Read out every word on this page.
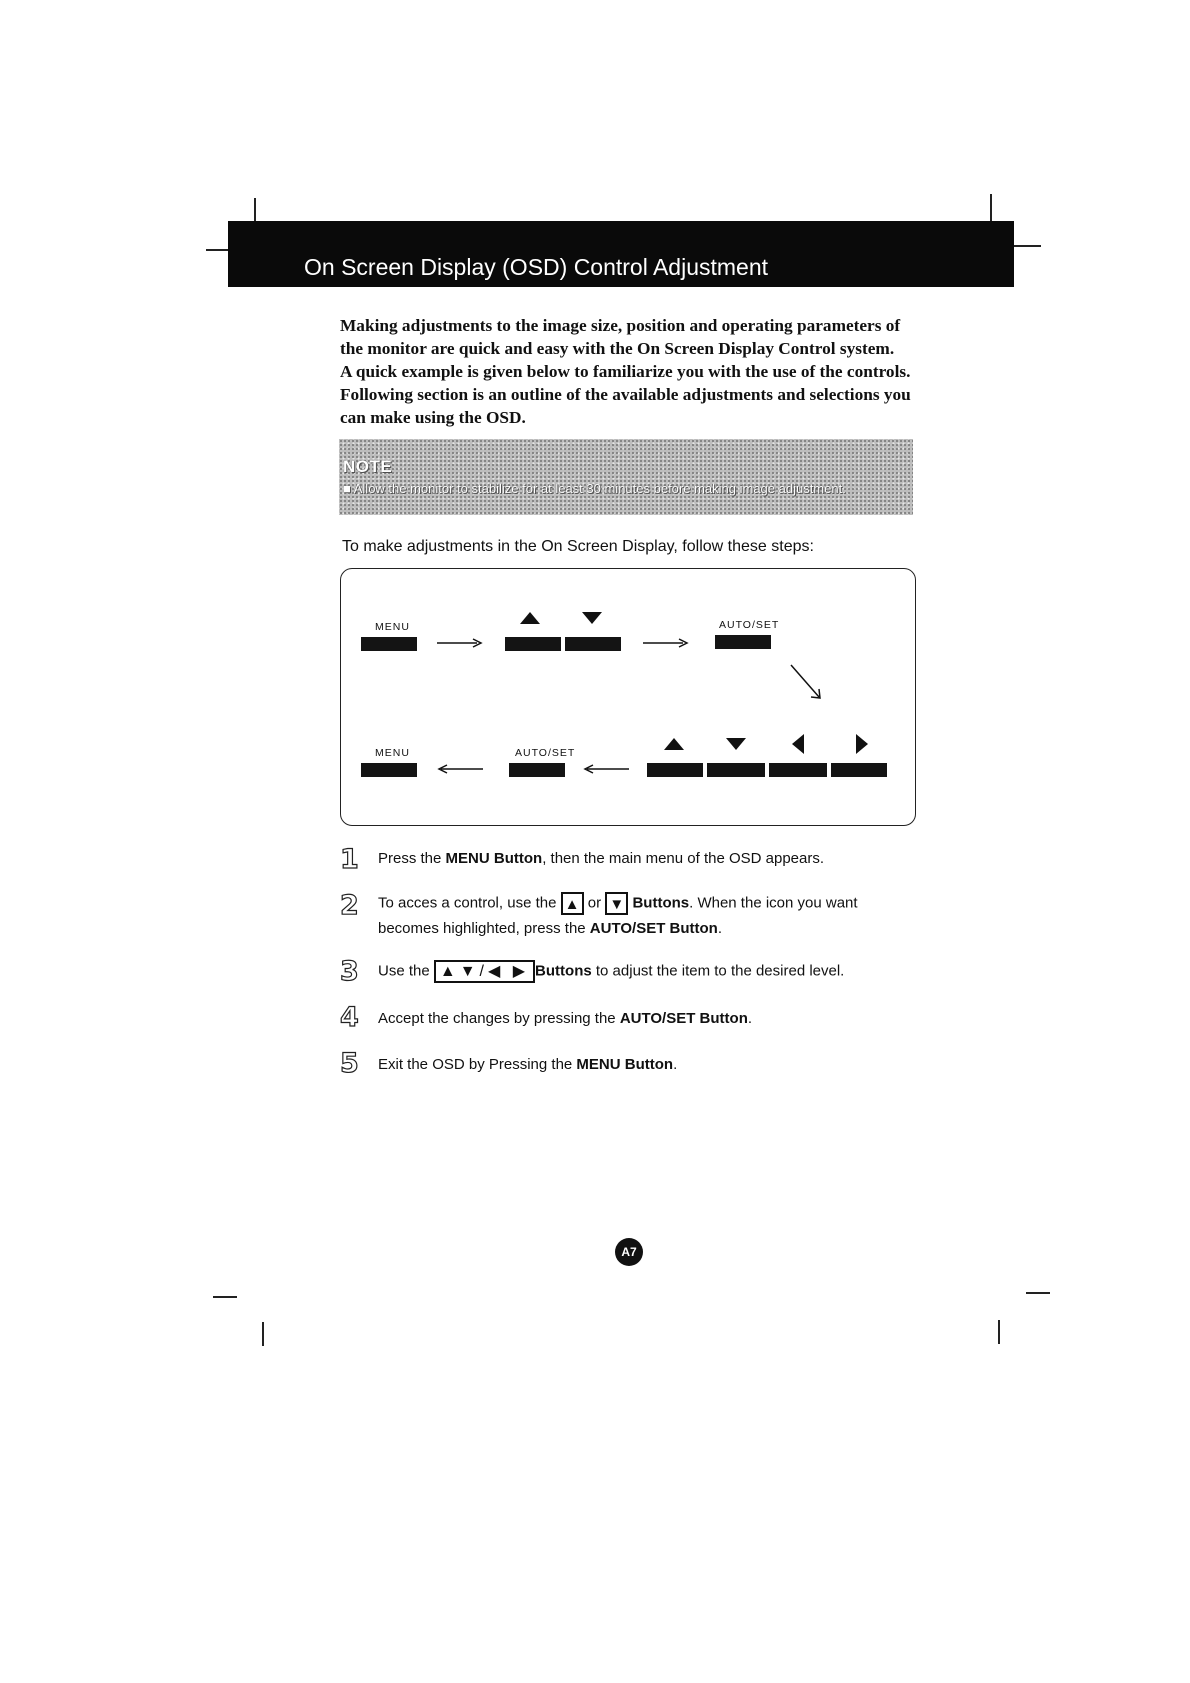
On Screen Display (OSD) Control Adjustment
Making adjustments to the image size, position and operating parameters of
the monitor are quick and easy with the On Screen Display Control system.
A quick example is given below to familiarize you with the use of the controls.
Following section is an outline of the available adjustments and selections you
can make using the OSD.
NOTE
■ Allow the monitor to stabilize for at least 30 minutes before making image adjustment.
To make adjustments in the On Screen Display, follow these steps:
MENU	AUTO/SET
MENU	AUTO/SET
1 Press the MENU Button, then the main menu of the OSD appears.
2 To acces a control, use the ▲ or ▼ Buttons. When the icon you want
becomes highlighted, press the AUTO/SET Button.
3 Use the ▲▼/◀ ▶ Buttons to adjust the item to the desired level.
4 Accept the changes by pressing the AUTO/SET Button.
5 Exit the OSD by Pressing the MENU Button.
A7
